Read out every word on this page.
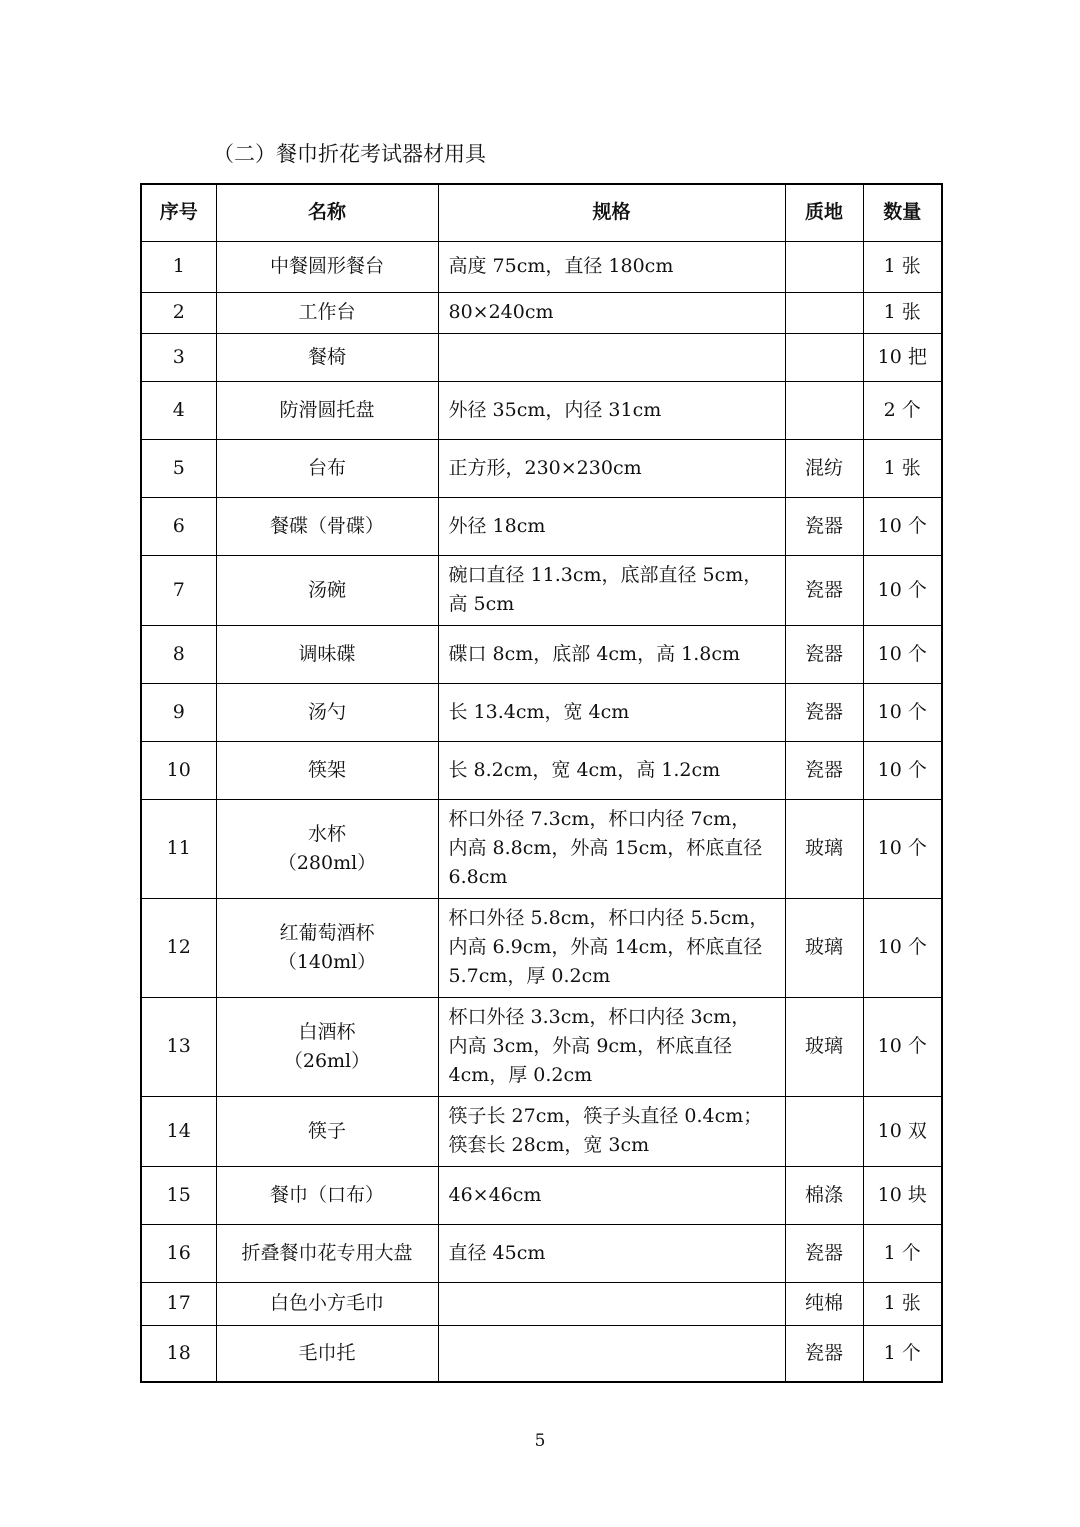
（二）餐巾折花考试器材用具
序号	名称	规格	质地	数量
1	中餐圆形餐台	高度 75cm，直径 180cm		1 张
2	工作台	80×240cm		1 张
3	餐椅			10 把
4	防滑圆托盘	外径 35cm，内径 31cm		2 个
5	台布	正方形，230×230cm	混纺	1 张
6	餐碟（骨碟）	外径 18cm	瓷器	10 个
7	汤碗	碗口直径 11.3cm，底部直径 5cm，
高 5cm	瓷器	10 个
8	调味碟	碟口 8cm，底部 4cm，高 1.8cm	瓷器	10 个
9	汤勺	长 13.4cm，宽 4cm	瓷器	10 个
10	筷架	长 8.2cm，宽 4cm，高 1.2cm	瓷器	10 个
11	水杯
（280ml）	杯口外径 7.3cm，杯口内径 7cm，
内高 8.8cm，外高 15cm，杯底直径
6.8cm	玻璃	10 个
12	红葡萄酒杯
（140ml）	杯口外径 5.8cm，杯口内径 5.5cm，
内高 6.9cm，外高 14cm，杯底直径
5.7cm，厚 0.2cm	玻璃	10 个
13	白酒杯
（26ml）	杯口外径 3.3cm，杯口内径 3cm，
内高 3cm，外高 9cm，杯底直径
4cm，厚 0.2cm	玻璃	10 个
14	筷子	筷子长 27cm，筷子头直径 0.4cm；
筷套长 28cm，宽 3cm		10 双
15	餐巾（口布）	46×46cm	棉涤	10 块
16	折叠餐巾花专用大盘	直径 45cm	瓷器	1 个
17	白色小方毛巾		纯棉	1 张
18	毛巾托		瓷器	1 个
5
